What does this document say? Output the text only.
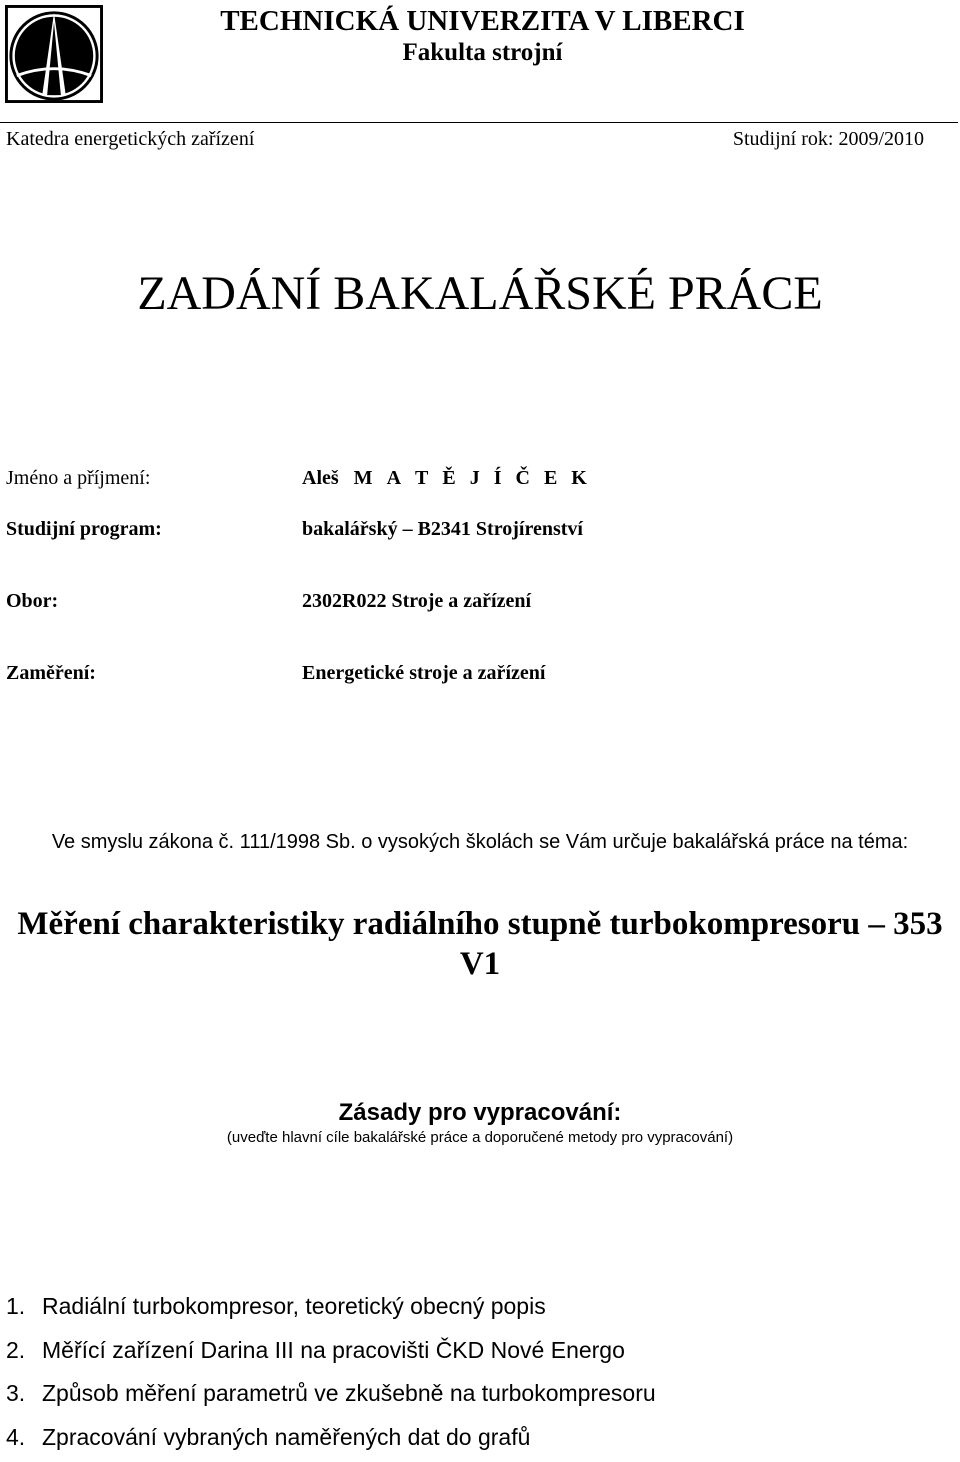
TECHNICKÁ UNIVERZITA V LIBERCI
Fakulta strojní
Katedra energetických zařízení	Studijní rok: 2009/2010
ZADÁNÍ BAKALÁŘSKÉ PRÁCE
Jméno a příjmení:	Aleš M A T Ě J Í Č E K
Studijní program:	bakalářský – B2341 Strojírenství
Obor:	2302R022 Stroje a zařízení
Zaměření:	Energetické stroje a zařízení
Ve smyslu zákona č. 111/1998 Sb. o vysokých školách se Vám určuje bakalářská práce na téma:
Měření charakteristiky radiálního stupně turbokompresoru – 353 V1
Zásady pro vypracování:
(uveďte hlavní cíle bakalářské práce a doporučené metody pro vypracování)
1. Radiální turbokompresor, teoretický obecný popis
2. Měřící zařízení Darina III na pracovišti ČKD Nové Energo
3. Způsob měření parametrů ve zkušebně na turbokompresoru
4. Zpracování vybraných naměřených dat do grafů
